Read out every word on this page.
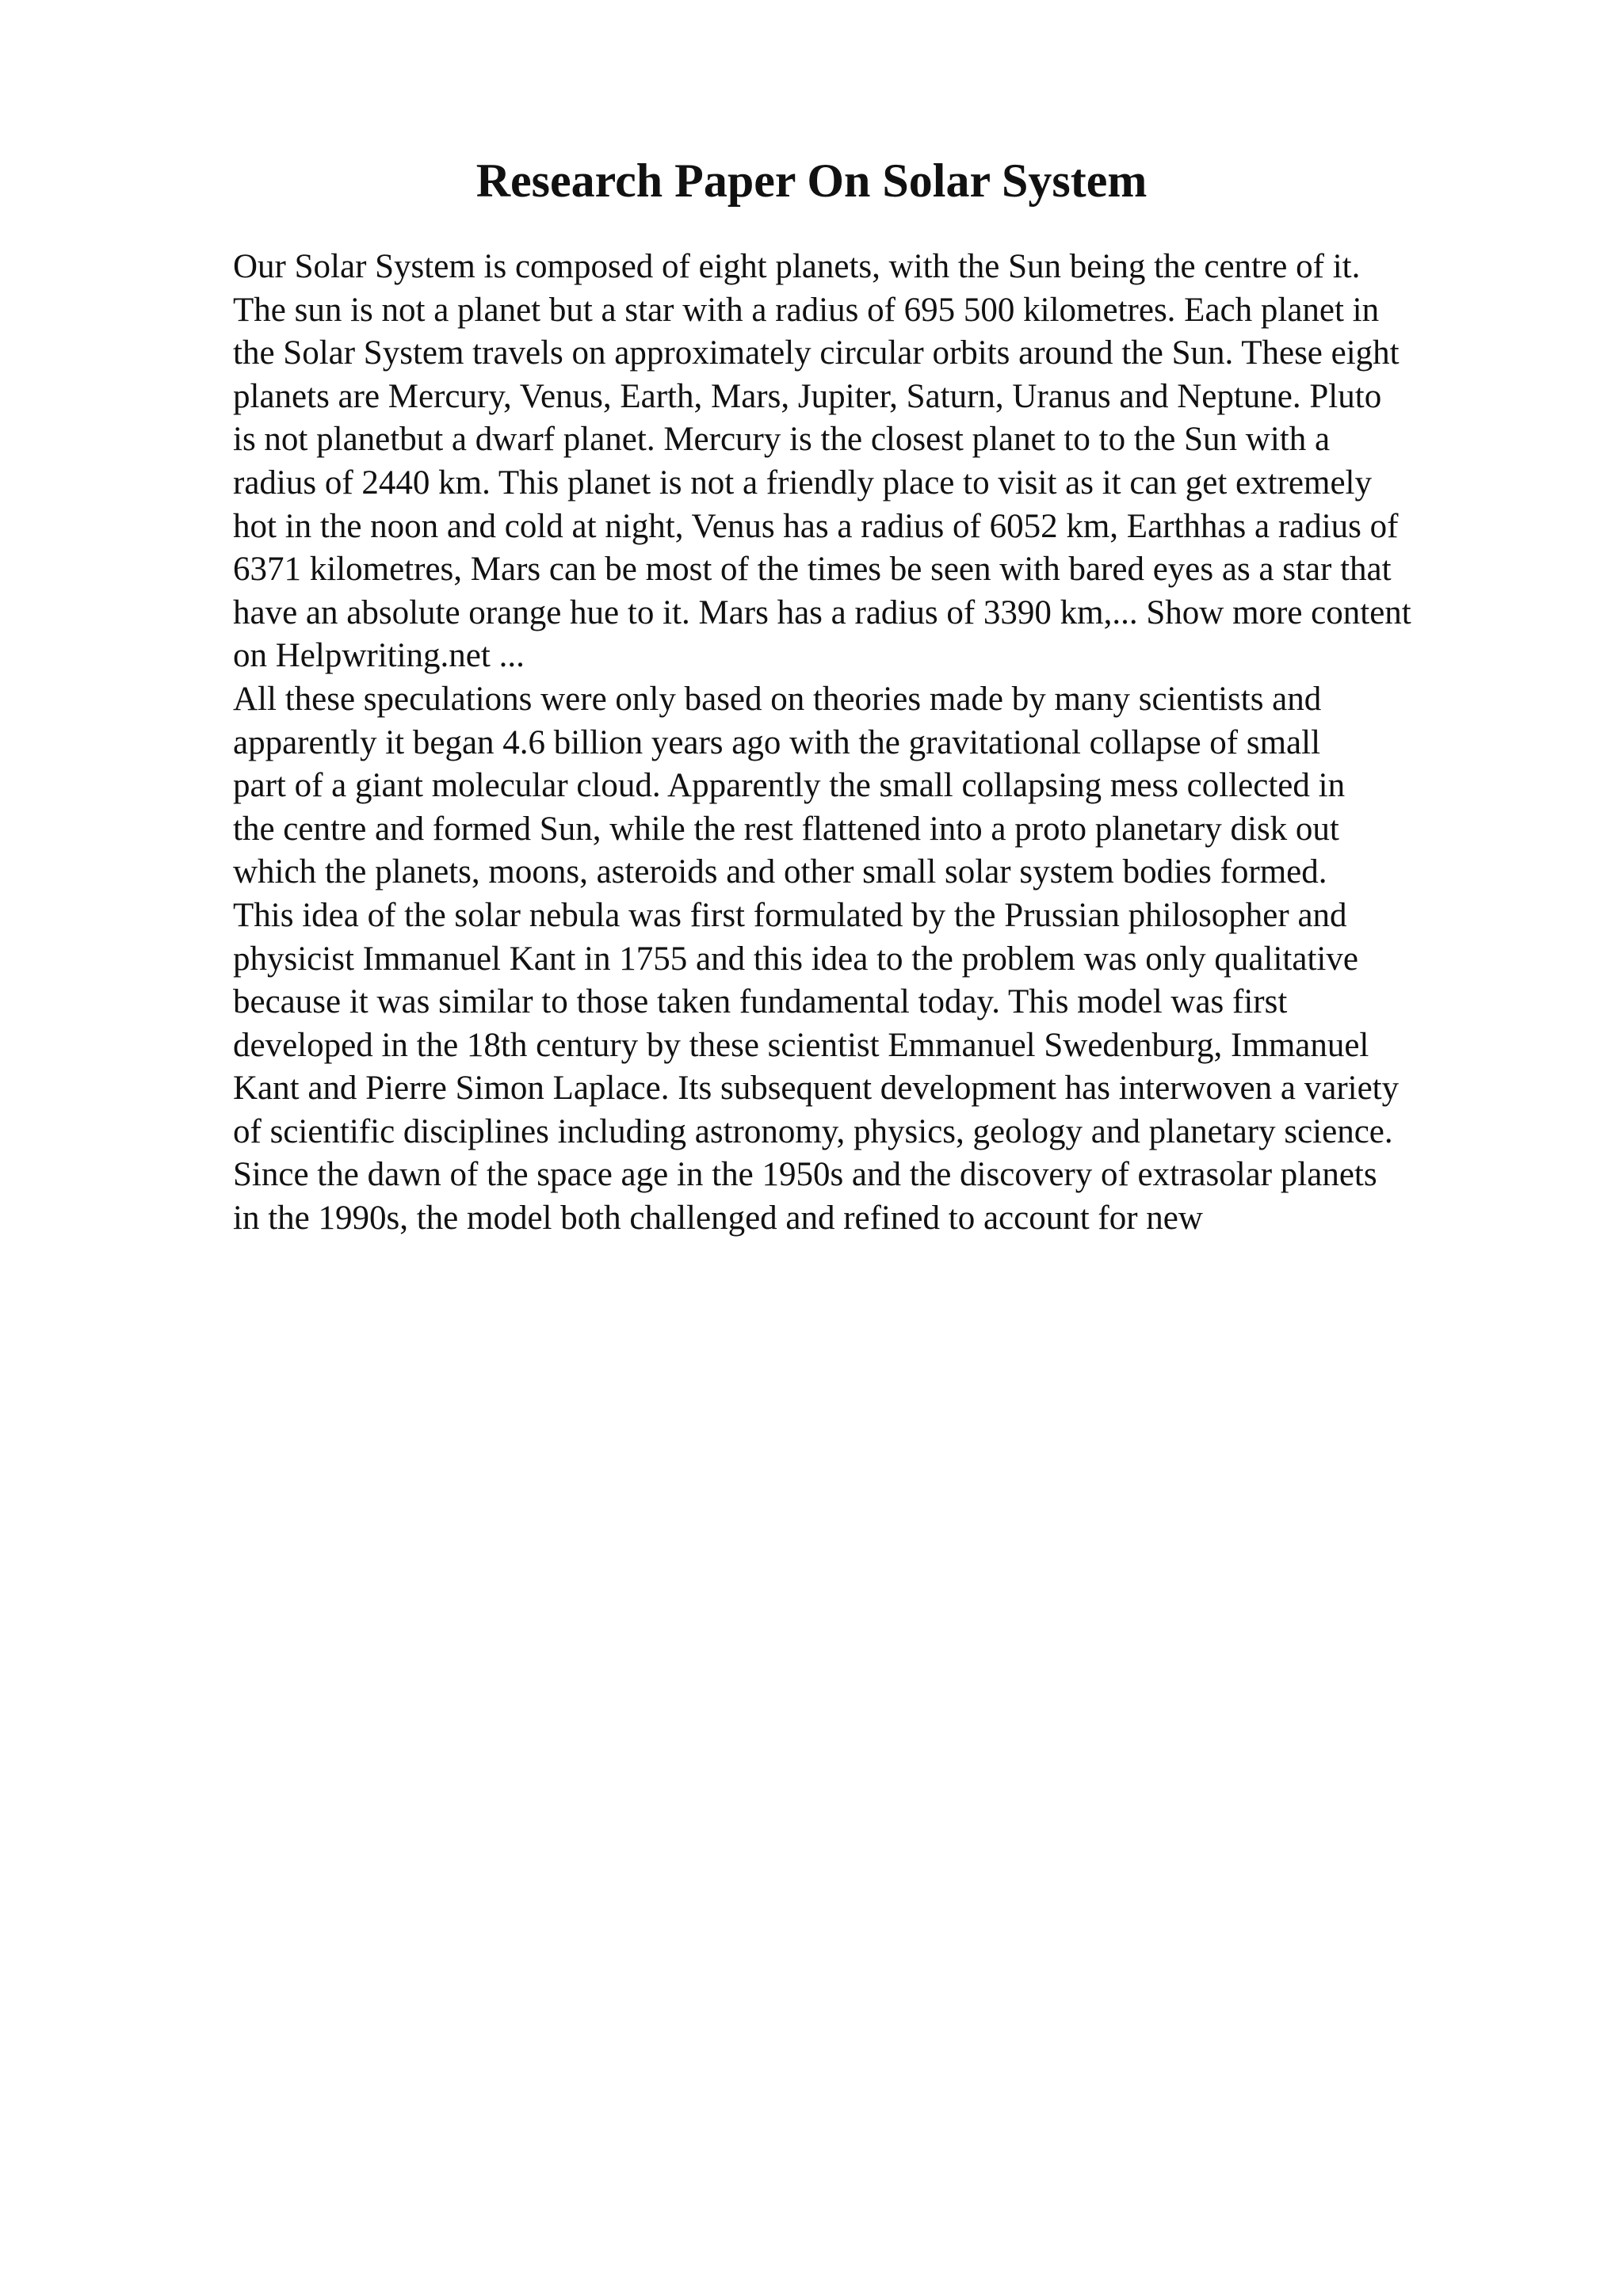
Research Paper On Solar System
Our Solar System is composed of eight planets, with the Sun being the centre of it.
The sun is not a planet but a star with a radius of 695 500 kilometres. Each planet in
the Solar System travels on approximately circular orbits around the Sun. These eight
planets are Mercury, Venus, Earth, Mars, Jupiter, Saturn, Uranus and Neptune. Pluto
is not planetbut a dwarf planet. Mercury is the closest planet to to the Sun with a
radius of 2440 km. This planet is not a friendly place to visit as it can get extremely
hot in the noon and cold at night, Venus has a radius of 6052 km, Earthhas a radius of
6371 kilometres, Mars can be most of the times be seen with bared eyes as a star that
have an absolute orange hue to it. Mars has a radius of 3390 km,... Show more content
on Helpwriting.net ...
All these speculations were only based on theories made by many scientists and
apparently it began 4.6 billion years ago with the gravitational collapse of small
part of a giant molecular cloud. Apparently the small collapsing mess collected in
the centre and formed Sun, while the rest flattened into a proto planetary disk out
which the planets, moons, asteroids and other small solar system bodies formed.
This idea of the solar nebula was first formulated by the Prussian philosopher and
physicist Immanuel Kant in 1755 and this idea to the problem was only qualitative
because it was similar to those taken fundamental today. This model was first
developed in the 18th century by these scientist Emmanuel Swedenburg, Immanuel
Kant and Pierre Simon Laplace. Its subsequent development has interwoven a variety
of scientific disciplines including astronomy, physics, geology and planetary science.
Since the dawn of the space age in the 1950s and the discovery of extrasolar planets
in the 1990s, the model both challenged and refined to account for new
